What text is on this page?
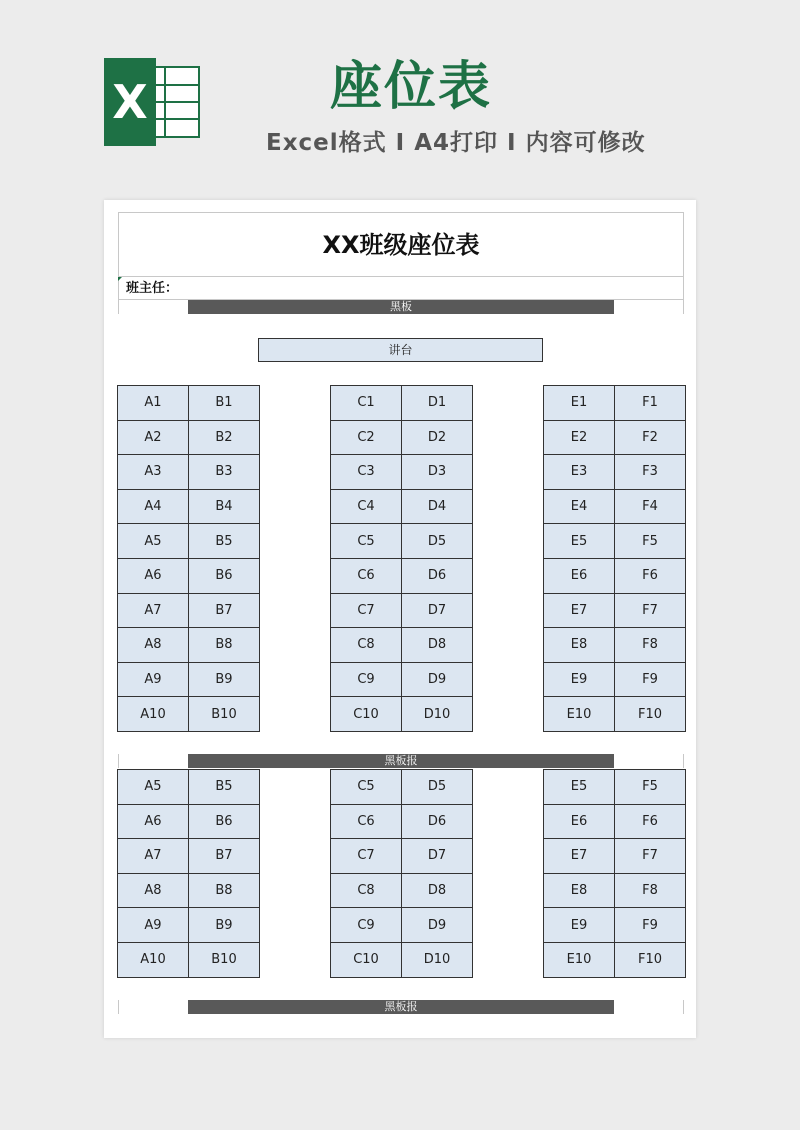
X	座位表
Excel格式 I A4打印 I 内容可修改
XX班级座位表
班主任：
黑板
讲台
A1	B1
A2	B2
A3	B3
A4	B4
A5	B5
A6	B6
A7	B7
A8	B8
A9	B9
A10	B10
C1	D1
C2	D2
C3	D3
C4	D4
C5	D5
C6	D6
C7	D7
C8	D8
C9	D9
C10	D10
E1	F1
E2	F2
E3	F3
E4	F4
E5	F5
E6	F6
E7	F7
E8	F8
E9	F9
E10	F10
黑板报
A5	B5
A6	B6
A7	B7
A8	B8
A9	B9
A10	B10
C5	D5
C6	D6
C7	D7
C8	D8
C9	D9
C10	D10
E5	F5
E6	F6
E7	F7
E8	F8
E9	F9
E10	F10
黑板报
